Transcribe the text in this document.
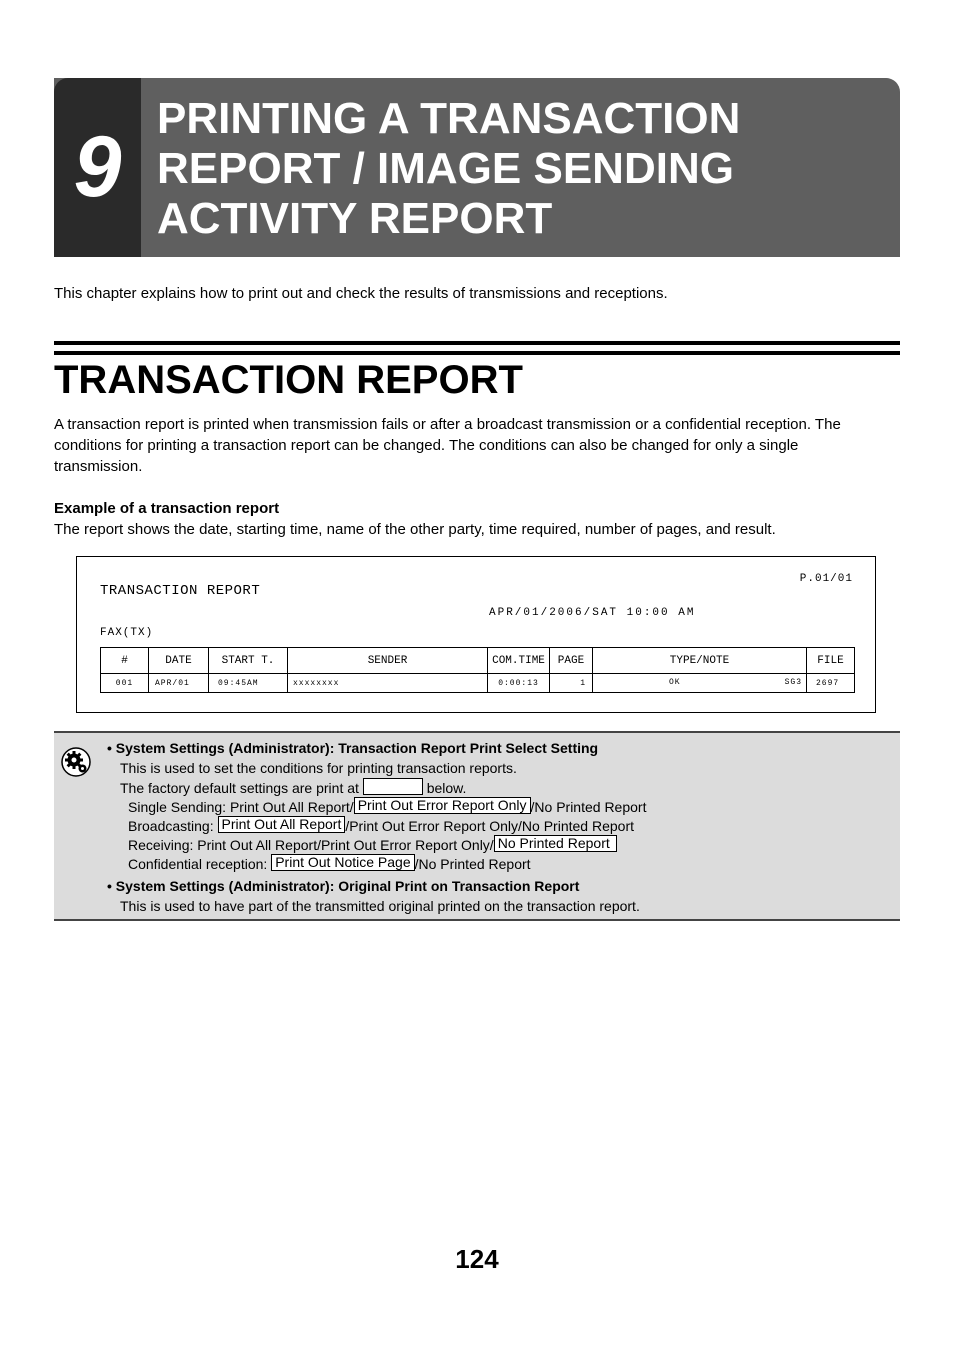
9
PRINTING A TRANSACTION
REPORT / IMAGE SENDING
ACTIVITY REPORT
This chapter explains how to print out and check the results of transmissions and receptions.
TRANSACTION REPORT
A transaction report is printed when transmission fails or after a broadcast transmission or a confidential reception. The
conditions for printing a transaction report can be changed. The conditions can also be changed for only a single
transmission.
Example of a transaction report
The report shows the date, starting time, name of the other party, time required, number of pages, and result.
P.01/01
TRANSACTION REPORT
APR/01/2006/SAT 10:00 AM
FAX(TX)
#	DATE	START T.	SENDER	COM.TIME	PAGE	TYPE/NOTE	FILE
001	APR/01	09:45AM	xxxxxxxx	0:00:13	1	OK SG3	2697
• System Settings (Administrator): Transaction Report Print Select Setting
This is used to set the conditions for printing transaction reports.
The factory default settings are print at	below.
Single Sending: Print Out All Report/ Print Out Error Report Only /No Printed Report
Broadcasting: Print Out All Report /Print Out Error Report Only/No Printed Report
Receiving: Print Out All Report/Print Out Error Report Only/ No Printed Report
Confidential reception: Print Out Notice Page /No Printed Report
• System Settings (Administrator): Original Print on Transaction Report
This is used to have part of the transmitted original printed on the transaction report.
124
